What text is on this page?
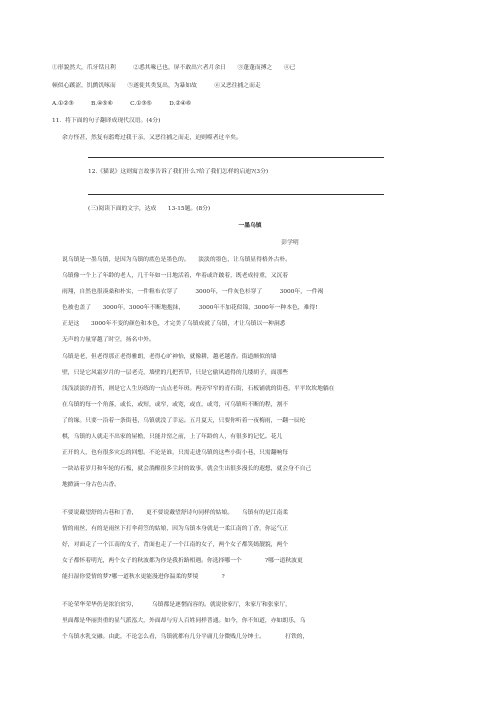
①形貌然大，爪牙铦且利　　　②悉其喙已也，屏不敢出穴者月余日　　③蓬蓬而搏之　　④已
顿似心蹊涩，饥鹯饥啄而　　⑤遂徙其类复出，为暴如故　　　⑥又恶往捕之而走
A.①②③　　　B.④⑤⑥　　　C.①③⑤　　　D.②④⑥
11．将下面的句子翻译成现代汉语。(4分)
余方怪甚，然复有鸱鹜过我于亲，又恶往捕之而走，迫则噬者过辛矣。
12.《猫说》这则寓言故事告诉了我们什么?给了我们怎样的启迪?(3分)
(三)阅读下面的文字，达成　　13-15题。(8分)
一墨乌镇
彭学明
说乌镇是一墨乌镇，是因为乌镇的底色是墨色的。　　淡淡的墨色，让乌镇显得格外古朴。
乌镇像一个上了年龄的老人，几千年如一日地活着，牟着或许跛着，既老成持重，又沉着
雨翔，自然也很凑桑和朴实，一件粗布衣穿了　　　3000年，一件灰色衫穿了　　　3000年，一件褐
色被也盖了　　3000年，3000年不断地抱抹，　　　3000年不加花似锦，3000年一种本色，难得!
正是这　　3000年不变的颜色和本色，才完美了乌镇成就了乌镇，才让乌镇以一种洞悉
无声的力量穿越了时空，扬名中外。
乌镇是老，但老得那正老得雅朗，老得心旷神怡，就像耕，越老越香。街道颇似的墙
壁，只是它风霜岁月的一层老壳，墙壁的几把苔草，只是它偷风道得的几缕胡子，面那些
浅浅淡淡的青苔，则是它人生历练的一点点老年斑。两旁窄窄的青石街，石板铺就的街巷，平平坎坎地躺在
在乌镇的每一个角落，或长，或短，或窄，或宽，或直，或弯，可乌镇听不断的程，割不
了的缘。只要一沿着一条街巷，乌镇就没了幸运。五月夏天，只要你听着一夜梅雨，一翻一辰纶
棋，乌镇的人就走不出家的屋檐，只能并窑之前，上了年龄的人，有很多的记忆。花儿
正开的人，也有很多灾忘的回想。不论是谁，只需走进乌镇的这些小街小巷，只需翻响每
一块站着岁月和年轮的石板，就会淌醒很多尘封的故事，就会生出很多漫长的遐想，就会身不自己
地掀滴一身古色古香。
不要说戴望舒的古巷和丁香，　　更不要说戴望舒诗句同样的姑娘。　　乌镇有的是江南柔
情的雨丝，有的是雨丝下打伞荷笠的姑娘，因为乌镇本身就是一柔江南的丁香，你运气正
好，对面走了一个江南的女子，背面也走了一个江南的女子，两个女子都笑嫣靓貌，两个
女子都怀着明光，两个女子的秋波都为你是我折路相遇。你选择哪一个　　　　?哪一道秋波更
能扫湿你爱情的梦?哪一道秋水更能漫进你温柔的梦境　　　　?
不论荣华荣华仍是浓泊贫穷，　　　乌镇都是逐惘而容的。就说徐家厅，朱家厅和张家厅，
里面都是华丽贵重的显气派泓大，外面却与穷人百姓同样普通。如今，你不知道，亦如朗乐，乌
个乌镇水乳交融。由此，不论怎么看，乌镇就都有几分平庸几分微贱几分绅士。　　　　打铁的，
